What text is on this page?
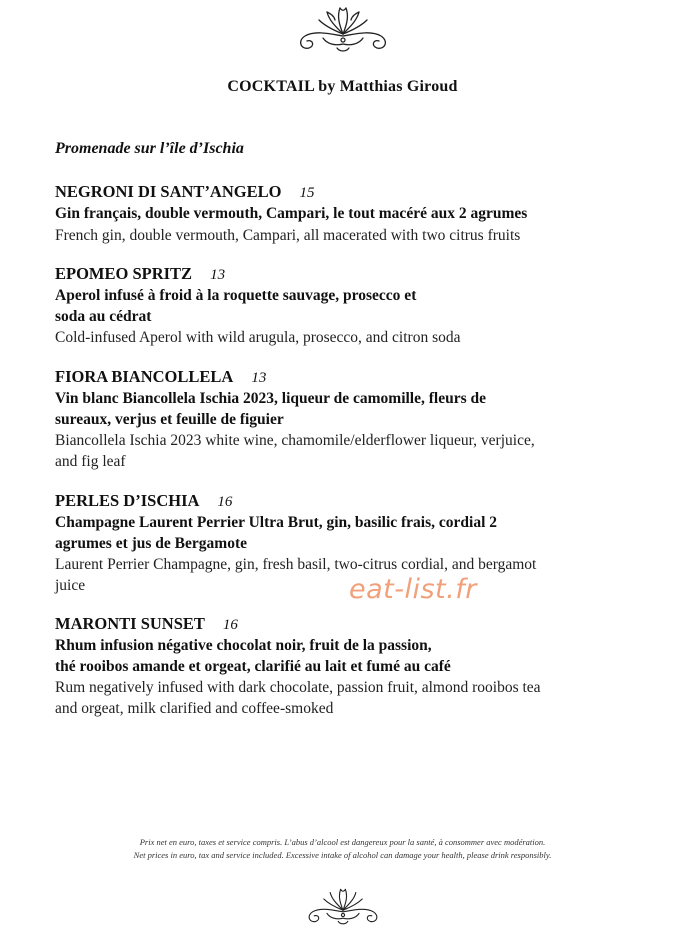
COCKTAIL by Matthias Giroud
Promenade sur l’île d’Ischia
NEGRONI DI SANT’ANGELO 15
Gin français, double vermouth, Campari, le tout macéré aux 2 agrumes
French gin, double vermouth, Campari, all macerated with two citrus fruits
EPOMEO SPRITZ 13
Aperol infusé à froid à la roquette sauvage, prosecco et
soda au cédrat
Cold-infused Aperol with wild arugula, prosecco, and citron soda
FIORA BIANCOLLELA 13
Vin blanc Biancollela Ischia 2023, liqueur de camomille, fleurs de
sureaux, verjus et feuille de figuier
Biancollela Ischia 2023 white wine, chamomile/elderflower liqueur, verjuice,
and fig leaf
PERLES D’ISCHIA 16
Champagne Laurent Perrier Ultra Brut, gin, basilic frais, cordial 2
agrumes et jus de Bergamote
Laurent Perrier Champagne, gin, fresh basil, two-citrus cordial, and bergamot
juice
MARONTI SUNSET 16
Rhum infusion négative chocolat noir, fruit de la passion,
thé rooibos amande et orgeat, clarifié au lait et fumé au café
Rum negatively infused with dark chocolate, passion fruit, almond rooibos tea
and orgeat, milk clarified and coffee-smoked
eat-list.fr
Prix net en euro, taxes et service compris. L’abus d’alcool est dangereux pour la santé, à consommer avec modération.
Net prices in euro, tax and service included. Excessive intake of alcohol can damage your health, please drink responsibly.
